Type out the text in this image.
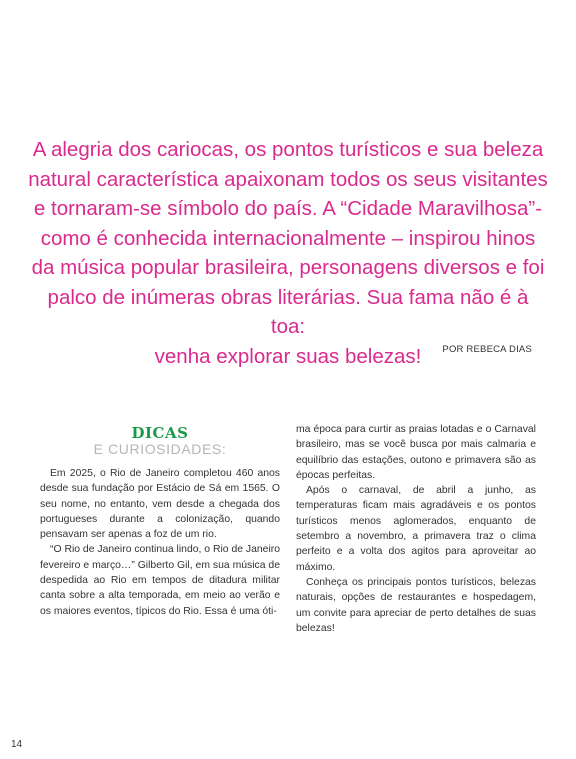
A alegria dos cariocas, os pontos turísticos e sua beleza
natural característica apaixonam todos os seus visitantes
e tornaram-se símbolo do país. A “Cidade Maravilhosa”-
como é conhecida internacionalmente – inspirou hinos
da música popular brasileira, personagens diversos e foi
palco de inúmeras obras literárias. Sua fama não é à toa:
venha explorar suas belezas!	POR REBECA DIAS
DICAS
E CURIOSIDADES:

Em 2025, o Rio de Janeiro completou 460 anos desde sua fundação por Estácio de Sá em 1565. O seu nome, no entanto, vem desde a chegada dos portugueses durante a colonização, quando pensavam ser apenas a foz de um rio.

“O Rio de Janeiro continua lindo, o Rio de Janeiro fevereiro e março…” Gilberto Gil, em sua música de despedida ao Rio em tempos de ditadura militar canta sobre a alta temporada, em meio ao verão e os maiores eventos, típicos do Rio. Essa é uma óti-

ma época para curtir as praias lotadas e o Carnaval brasileiro, mas se você busca por mais calmaria e equilíbrio das estações, outono e primavera são as épocas perfeitas.

Após o carnaval, de abril a junho, as temperaturas ficam mais agradáveis e os pontos turísticos menos aglomerados, enquanto de setembro a novembro, a primavera traz o clima perfeito e a volta dos agitos para aproveitar ao máximo.

Conheça os principais pontos turísticos, belezas naturais, opções de restaurantes e hospedagem, um convite para apreciar de perto detalhes de suas belezas!

14
